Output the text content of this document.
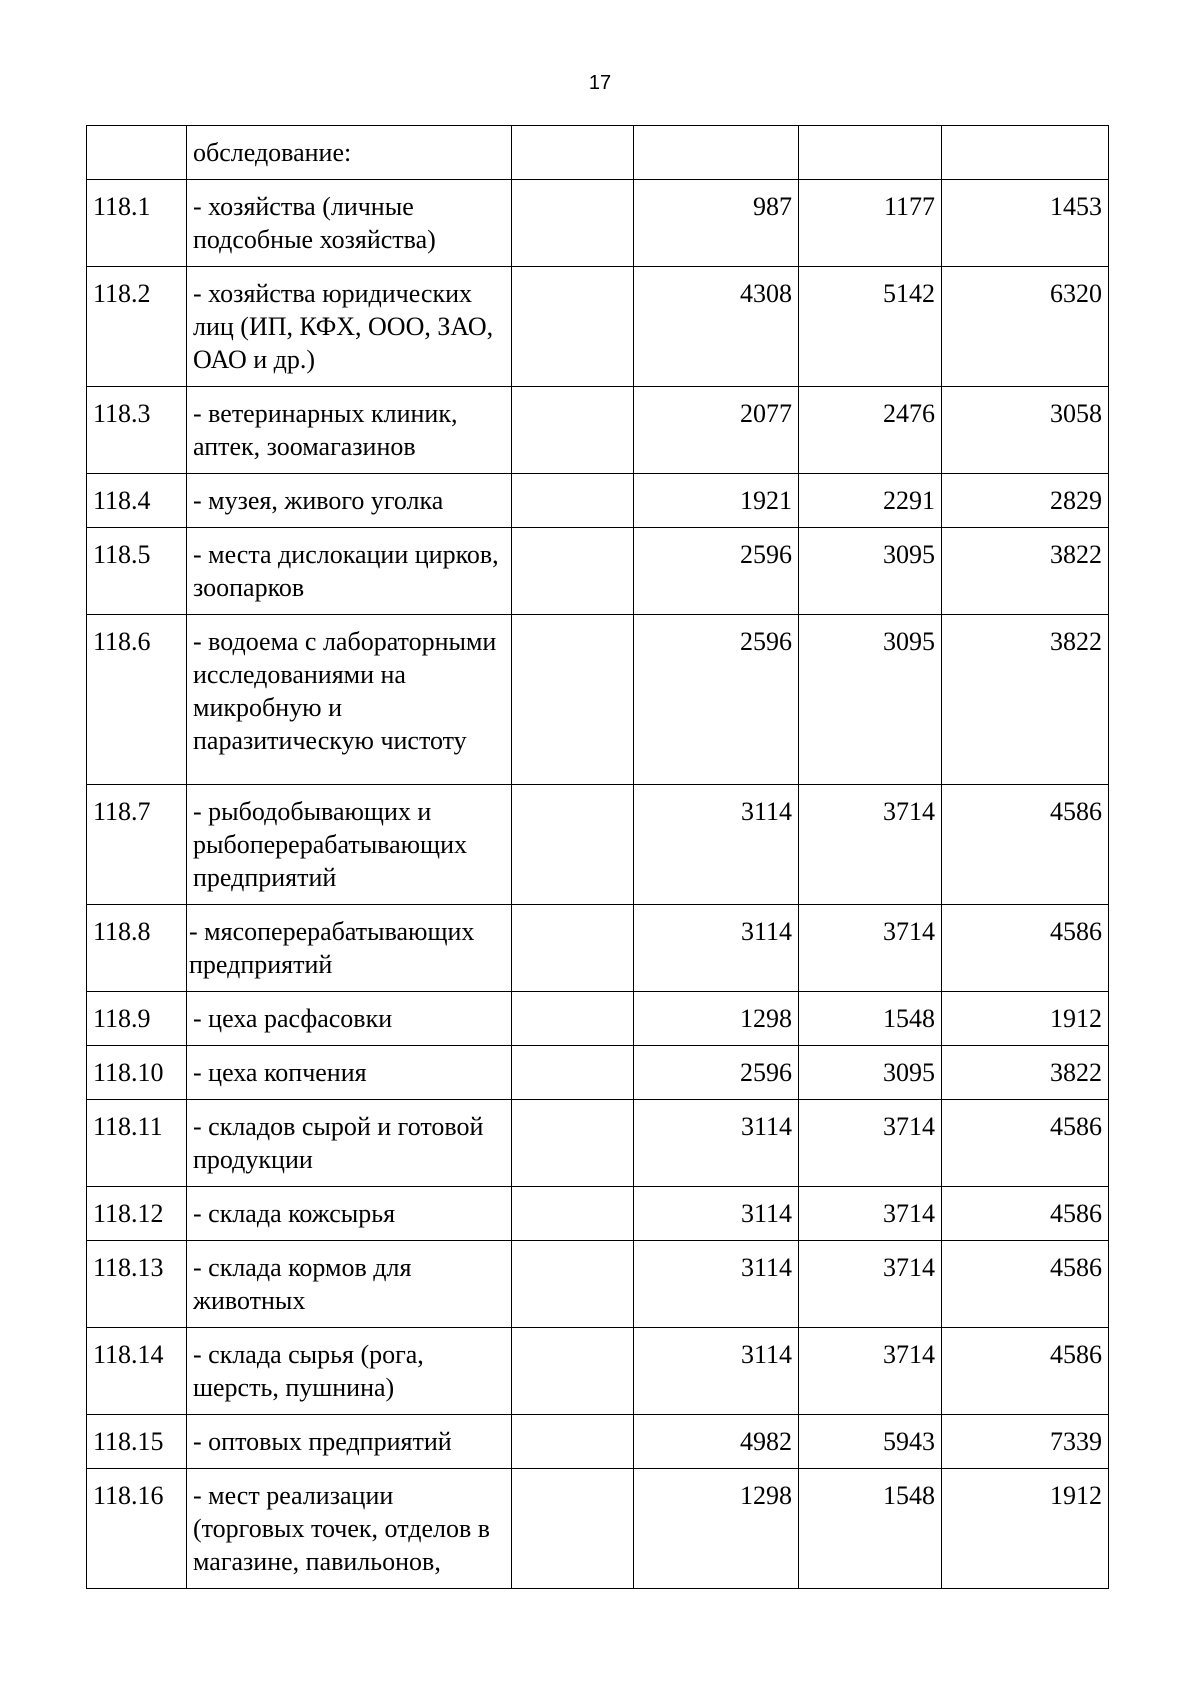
17
	обследование:				
118.1	- хозяйства (личные подсобные хозяйства)		987	1177	1453
118.2	- хозяйства юридических лиц (ИП, КФХ, ООО, ЗАО, ОАО и др.)		4308	5142	6320
118.3	- ветеринарных клиник, аптек, зоомагазинов		2077	2476	3058
118.4	- музея, живого уголка		1921	2291	2829
118.5	- места дислокации цирков, зоопарков		2596	3095	3822
118.6	- водоема с лабораторными исследованиями на микробную и паразитическую чистоту		2596	3095	3822
118.7	- рыбодобывающих и рыбоперерабатывающих предприятий		3114	3714	4586
118.8	- мясоперерабатывающих предприятий		3114	3714	4586
118.9	- цеха расфасовки		1298	1548	1912
118.10	- цеха копчения		2596	3095	3822
118.11	- складов сырой и готовой продукции		3114	3714	4586
118.12	- склада кожсырья		3114	3714	4586
118.13	- склада кормов для животных		3114	3714	4586
118.14	- склада сырья (рога, шерсть, пушнина)		3114	3714	4586
118.15	- оптовых предприятий		4982	5943	7339
118.16	- мест реализации (торговых точек, отделов в магазине, павильонов,		1298	1548	1912
